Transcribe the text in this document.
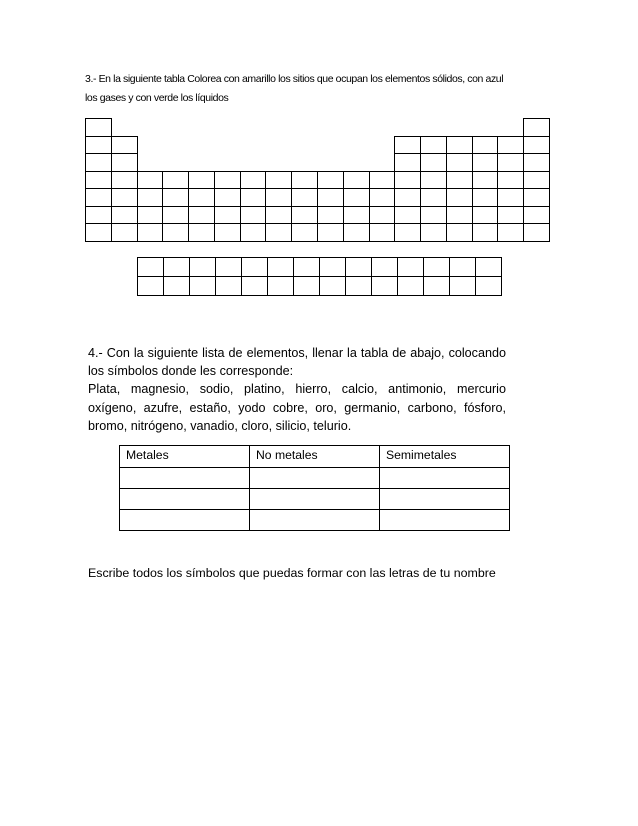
3.- En la siguiente tabla Colorea con amarillo los sitios que ocupan los elementos sólidos, con azul
los gases y con verde los líquidos

4.- Con la siguiente lista de elementos, llenar la tabla de abajo, colocando
los símbolos donde les corresponde:
Plata, magnesio, sodio, platino, hierro, calcio, antimonio, mercurio
oxígeno, azufre, estaño, yodo cobre, oro, germanio, carbono, fósforo,
bromo, nitrógeno, vanadio, cloro, silicio, telurio.

Metales	No metales	Semimetales

Escribe todos los símbolos que puedas formar con las letras de tu nombre
